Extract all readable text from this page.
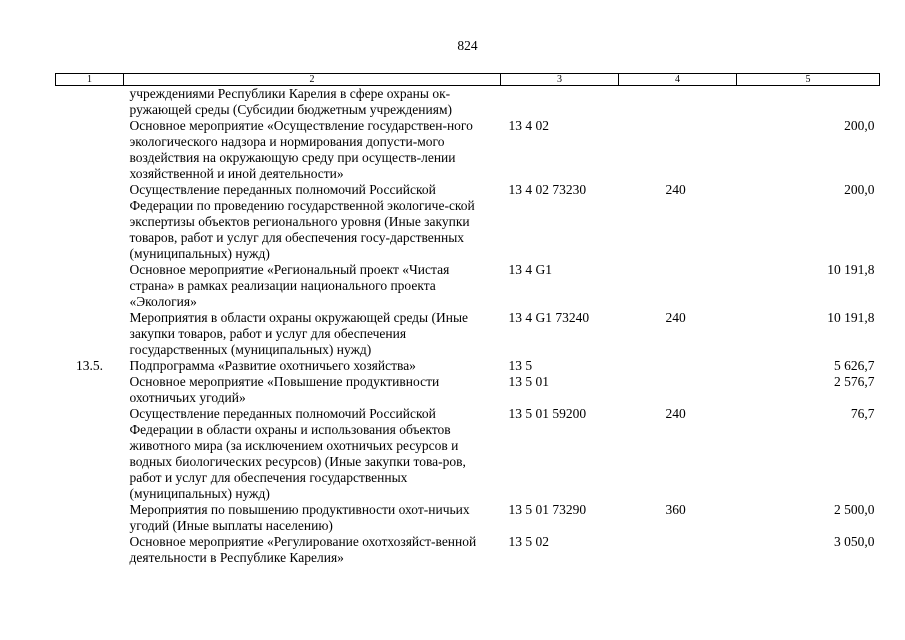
824
1	2	3	4	5
	учреждениями Республики Карелия в сфере охраны ок-ружающей среды (Субсидии бюджетным учреждениям)			
	Основное мероприятие «Осуществление государствен-ного экологического надзора и нормирования допусти-мого воздействия на окружающую среду при осуществ-лении хозяйственной и иной деятельности»	13 4 02		200,0
	Осуществление переданных полномочий Российской Федерации по проведению государственной экологиче-ской экспертизы объектов регионального уровня (Иные закупки товаров, работ и услуг для обеспечения госу-дарственных (муниципальных) нужд)	13 4 02 73230	240	200,0
	Основное мероприятие «Региональный проект «Чистая страна» в рамках реализации национального проекта «Экология»	13 4 G1		10 191,8
	Мероприятия в области охраны окружающей среды (Иные закупки товаров, работ и услуг для обеспечения государственных (муниципальных) нужд)	13 4 G1 73240	240	10 191,8
13.5.	Подпрограмма «Развитие охотничьего хозяйства»	13 5		5 626,7
	Основное мероприятие «Повышение продуктивности охотничьих угодий»	13 5 01		2 576,7
	Осуществление переданных полномочий Российской Федерации в области охраны и использования объектов животного мира (за исключением охотничьих ресурсов и водных биологических ресурсов) (Иные закупки това-ров, работ и услуг для обеспечения государственных (муниципальных) нужд)	13 5 01 59200	240	76,7
	Мероприятия по повышению продуктивности охот-ничьих угодий (Иные выплаты населению)	13 5 01 73290	360	2 500,0
	Основное мероприятие «Регулирование охотхозяйст-венной деятельности в Республике Карелия»	13 5 02		3 050,0
